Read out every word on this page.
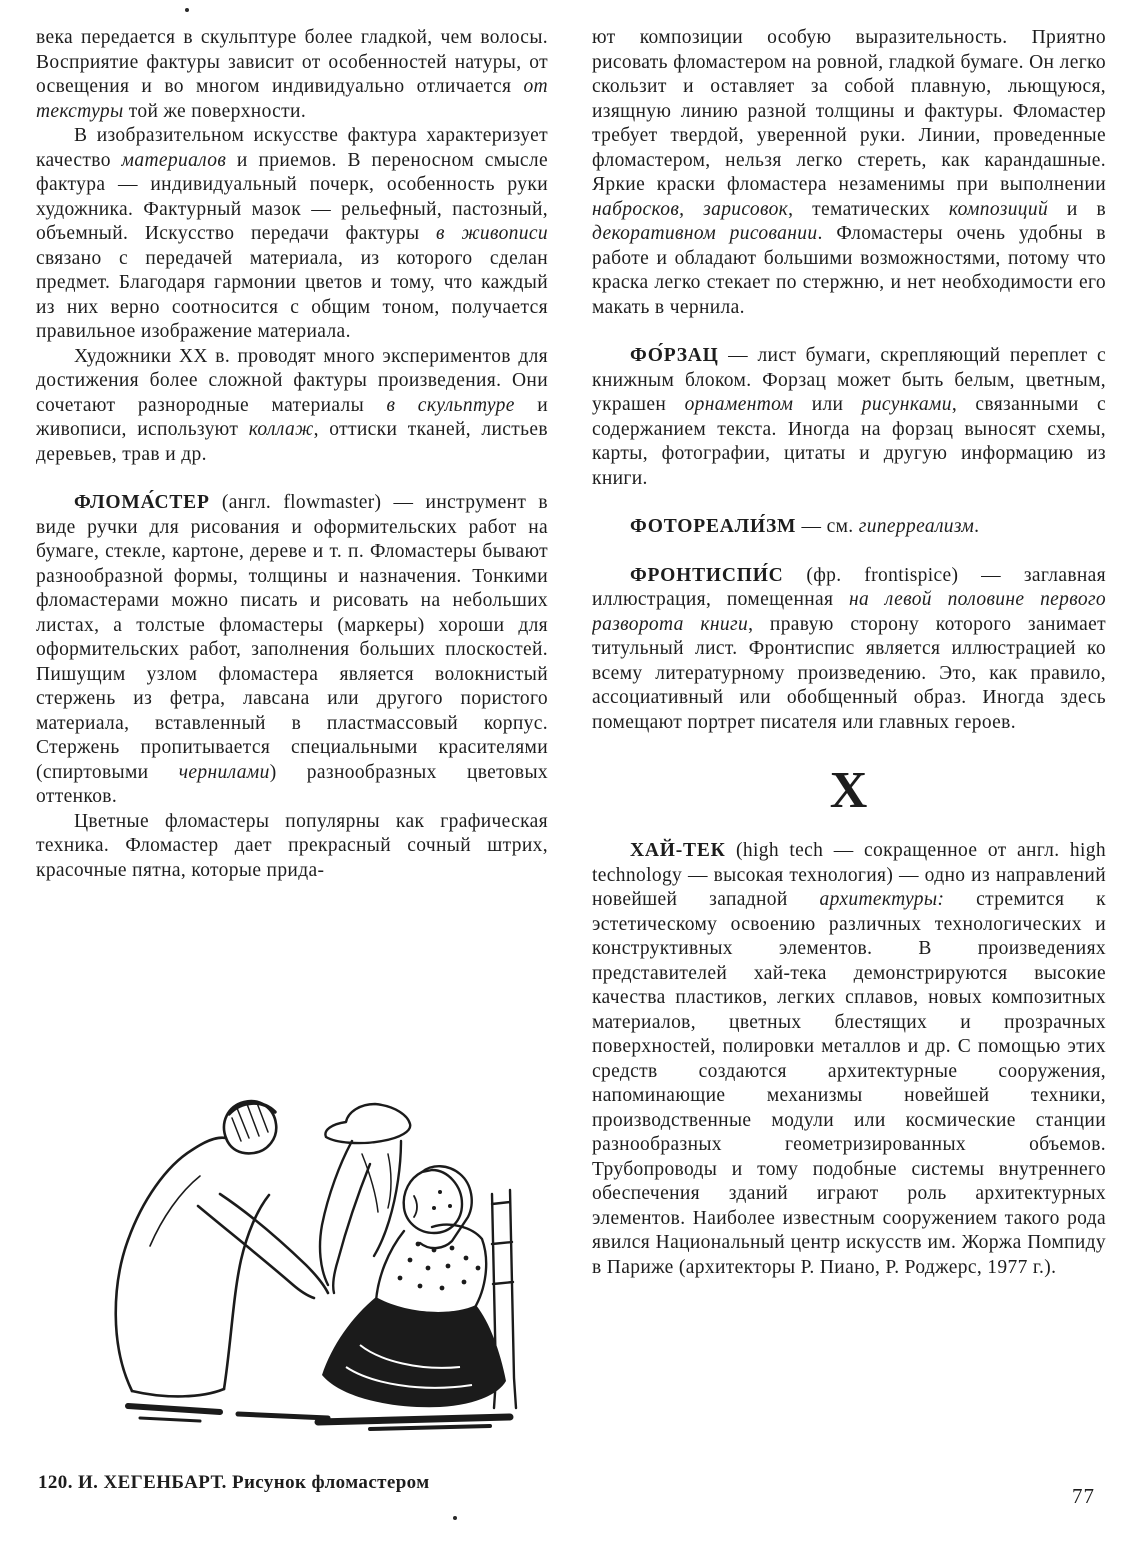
века передается в скульптуре более гладкой, чем волосы. Восприятие фактуры зависит от особенностей натуры, от освещения и во многом индивидуально отличается от текстуры той же поверхности.

В изобразительном искусстве фактура характеризует качество материалов и приемов. В переносном смысле фактура — индивидуальный почерк, особенность руки художника. Фактурный мазок — рельефный, пастозный, объемный. Искусство передачи фактуры в живописи связано с передачей материала, из которого сделан предмет. Благодаря гармонии цветов и тому, что каждый из них верно соотносится с общим тоном, получается правильное изображение материала.

Художники XX в. проводят много экспериментов для достижения более сложной фактуры произведения. Они сочетают разнородные материалы в скульптуре и живописи, используют коллаж, оттиски тканей, листьев деревьев, трав и др.

ФЛОМА́СТЕР (англ. flowmaster) — инструмент в виде ручки для рисования и оформительских работ на бумаге, стекле, картоне, дереве и т. п. Фломастеры бывают разнообразной формы, толщины и назначения. Тонкими фломастерами можно писать и рисовать на небольших листах, а толстые фломастеры (маркеры) хороши для оформительских работ, заполнения больших плоскостей. Пишущим узлом фломастера является волокнистый стержень из фетра, лавсана или другого пористого материала, вставленный в пластмассовый корпус. Стержень пропитывается специальными красителями (спиртовыми чернилами) разнообразных цветовых оттенков.

Цветные фломастеры популярны как графическая техника. Фломастер дает прекрасный сочный штрих, красочные пятна, которые прида-

120. И. ХЕГЕНБАРТ. Рисунок фломастером

ют композиции особую выразительность. Приятно рисовать фломастером на ровной, гладкой бумаге. Он легко скользит и оставляет за собой плавную, льющуюся, изящную линию разной толщины и фактуры. Фломастер требует твердой, уверенной руки. Линии, проведенные фломастером, нельзя легко стереть, как карандашные. Яркие краски фломастера незаменимы при выполнении набросков, зарисовок, тематических композиций и в декоративном рисовании. Фломастеры очень удобны в работе и обладают большими возможностями, потому что краска легко стекает по стержню, и нет необходимости его макать в чернила.

ФО́РЗАЦ — лист бумаги, скрепляющий переплет с книжным блоком. Форзац может быть белым, цветным, украшен орнаментом или рисунками, связанными с содержанием текста. Иногда на форзац выносят схемы, карты, фотографии, цитаты и другую информацию из книги.

ФОТОРЕАЛИ́ЗМ — см. гиперреализм.

ФРОНТИСПИ́С (фр. frontispice) — заглавная иллюстрация, помещенная на левой половине первого разворота книги, правую сторону которого занимает титульный лист. Фронтиспис является иллюстрацией ко всему литературному произведению. Это, как правило, ассоциативный или обобщенный образ. Иногда здесь помещают портрет писателя или главных героев.

Х

ХАЙ-ТЕК (high tech — сокращенное от англ. high technology — высокая технология) — одно из направлений новейшей западной архитектуры: стремится к эстетическому освоению различных технологических и конструктивных элементов. В произведениях представителей хай-тека демонстрируются высокие качества пластиков, легких сплавов, новых композитных материалов, цветных блестящих и прозрачных поверхностей, полировки металлов и др. С помощью этих средств создаются архитектурные сооружения, напоминающие механизмы новейшей техники, производственные модули или космические станции разнообразных геометризированных объемов. Трубопроводы и тому подобные системы внутреннего обеспечения зданий играют роль архитектурных элементов. Наиболее известным сооружением такого рода явился Национальный центр искусств им. Жоржа Помпиду в Париже (архитекторы Р. Пиано, Р. Роджерс, 1977 г.).

77
